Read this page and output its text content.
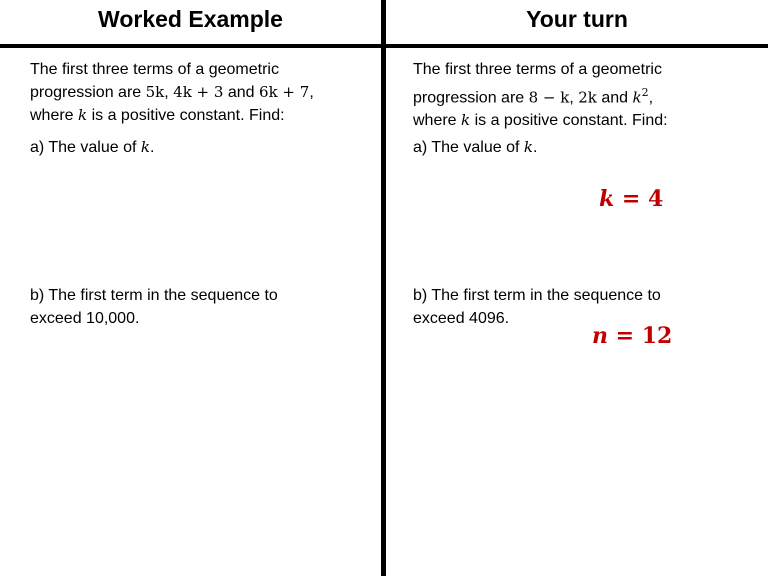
Worked Example	Your turn
The first three terms of a geometric
progression are 5k, 4k + 3 and 6k + 7,
where k is a positive constant. Find:
a) The value of k.
b) The first term in the sequence to
exceed 10,000.
The first three terms of a geometric
progression are 8 − k, 2k and $k^2$,
where k is a positive constant. Find:
a) The value of k.
b) The first term in the sequence to
exceed 4096.
k = 4
n = 12
